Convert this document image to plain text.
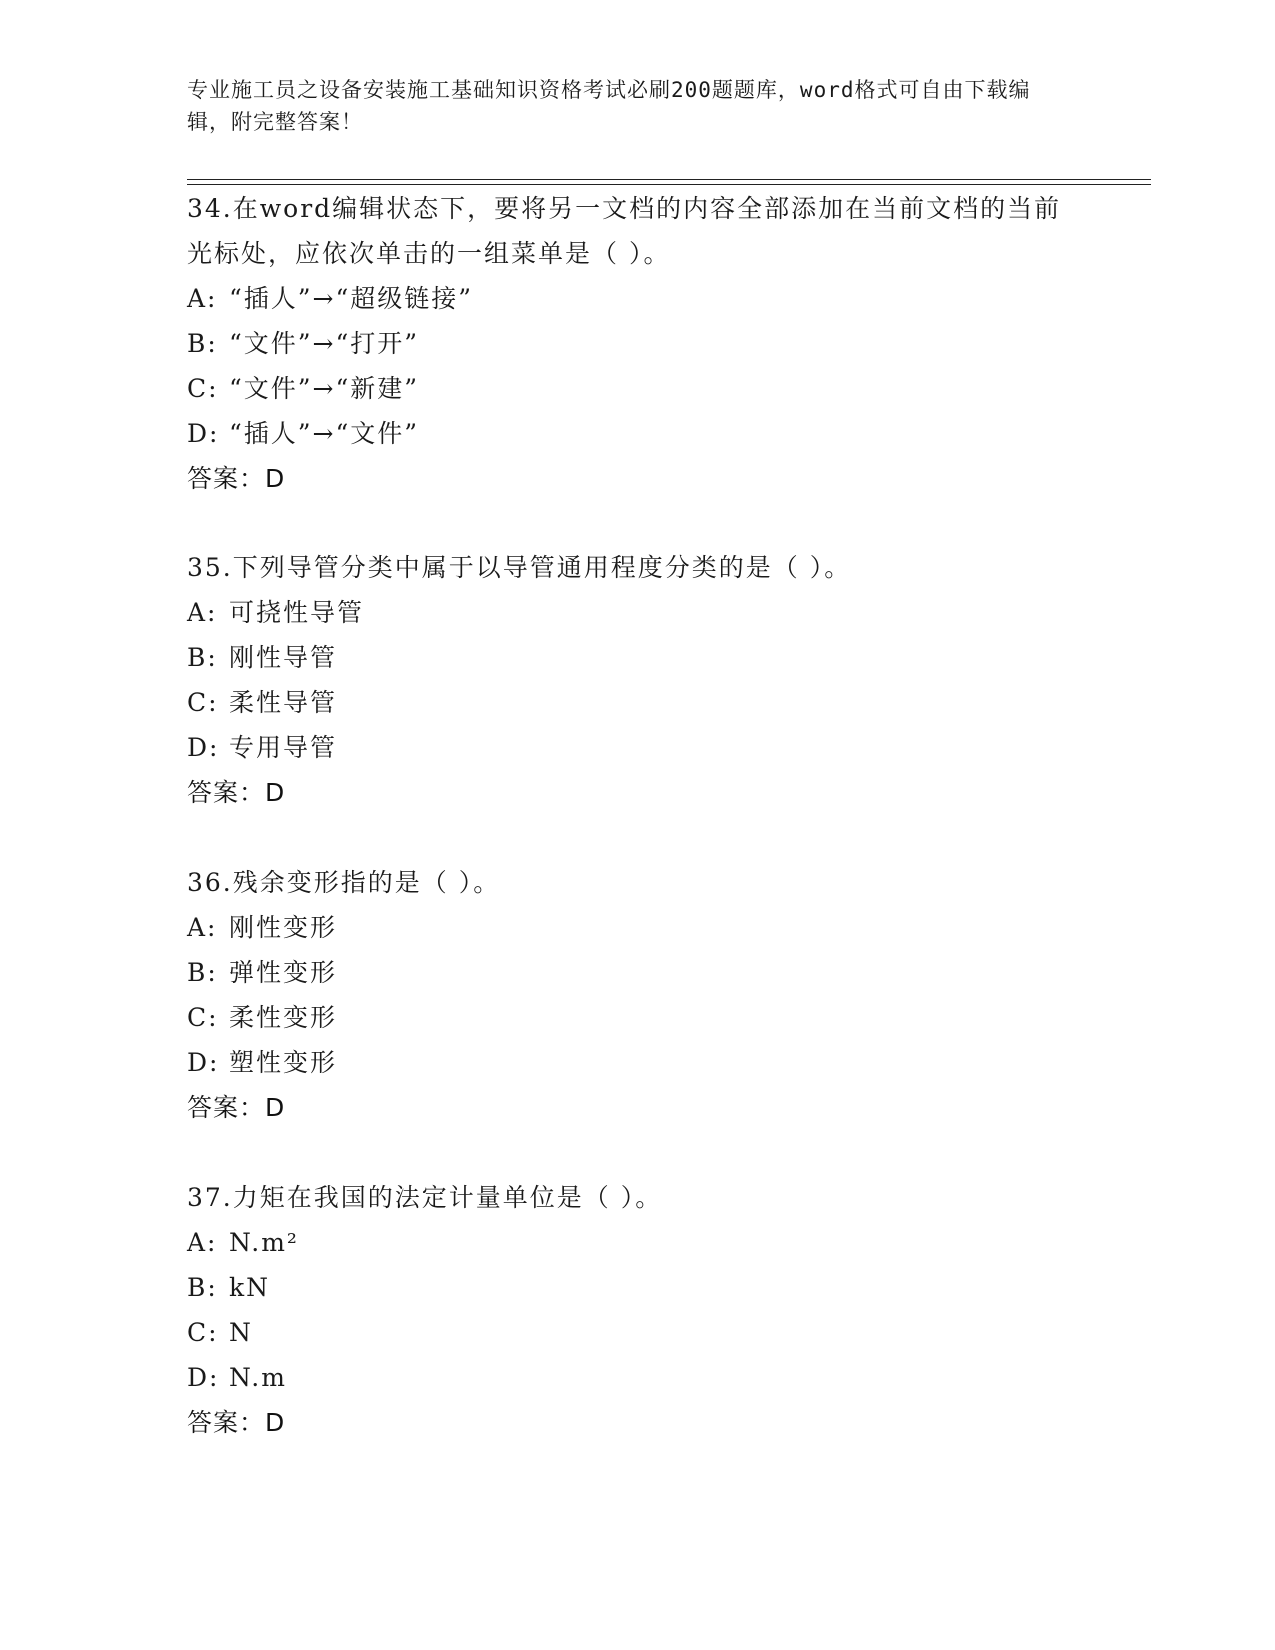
专业施工员之设备安装施工基础知识资格考试必刷200题题库，word格式可自由下载编辑，附完整答案！

34.在word编辑状态下，要将另一文档的内容全部添加在当前文档的当前光标处，应依次单击的一组菜单是（ ）。

A: “插人”→“超级链接”

B: “文件”→“打开”

C: “文件”→“新建”

D: “插人”→“文件”

答案：D

35.下列导管分类中属于以导管通用程度分类的是（ ）。

A: 可挠性导管

B: 刚性导管

C: 柔性导管

D: 专用导管

答案：D

36.残余变形指的是（ ）。

A: 刚性变形

B: 弹性变形

C: 柔性变形

D: 塑性变形

答案：D

37.力矩在我国的法定计量单位是（ ）。

A: N.m²

B: kN

C: N

D: N.m

答案：D
